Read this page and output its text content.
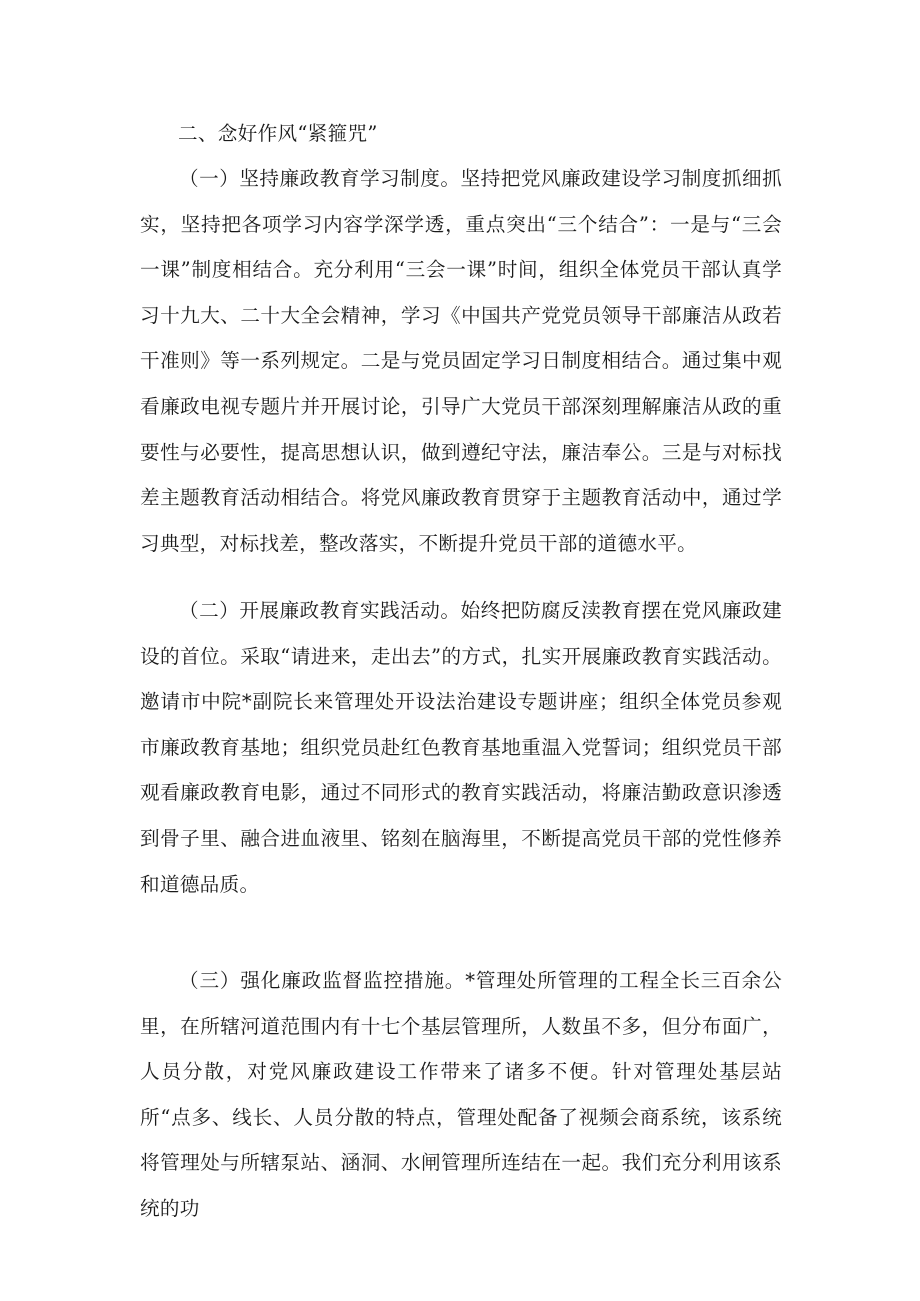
二、念好作风“紧箍咒”
（一）坚持廉政教育学习制度。坚持把党风廉政建设学习制度抓细抓实，坚持把各项学习内容学深学透，重点突出“三个结合”：一是与“三会一课”制度相结合。充分利用“三会一课”时间，组织全体党员干部认真学习十九大、二十大全会精神，学习《中国共产党党员领导干部廉洁从政若干准则》等一系列规定。二是与党员固定学习日制度相结合。通过集中观看廉政电视专题片并开展讨论，引导广大党员干部深刻理解廉洁从政的重要性与必要性，提高思想认识，做到遵纪守法，廉洁奉公。三是与对标找差主题教育活动相结合。将党风廉政教育贯穿于主题教育活动中，通过学习典型，对标找差，整改落实，不断提升党员干部的道德水平。
（二）开展廉政教育实践活动。始终把防腐反渎教育摆在党风廉政建设的首位。采取“请进来，走出去”的方式，扎实开展廉政教育实践活动。邀请市中院*副院长来管理处开设法治建设专题讲座；组织全体党员参观市廉政教育基地；组织党员赴红色教育基地重温入党誓词；组织党员干部观看廉政教育电影，通过不同形式的教育实践活动，将廉洁勤政意识渗透到骨子里、融合进血液里、铭刻在脑海里，不断提高党员干部的党性修养和道德品质。
（三）强化廉政监督监控措施。*管理处所管理的工程全长三百余公里，在所辖河道范围内有十七个基层管理所，人数虽不多，但分布面广，人员分散，对党风廉政建设工作带来了诸多不便。针对管理处基层站所“点多、线长、人员分散的特点，管理处配备了视频会商系统，该系统将管理处与所辖泵站、涵洞、水闸管理所连结在一起。我们充分利用该系统的功
